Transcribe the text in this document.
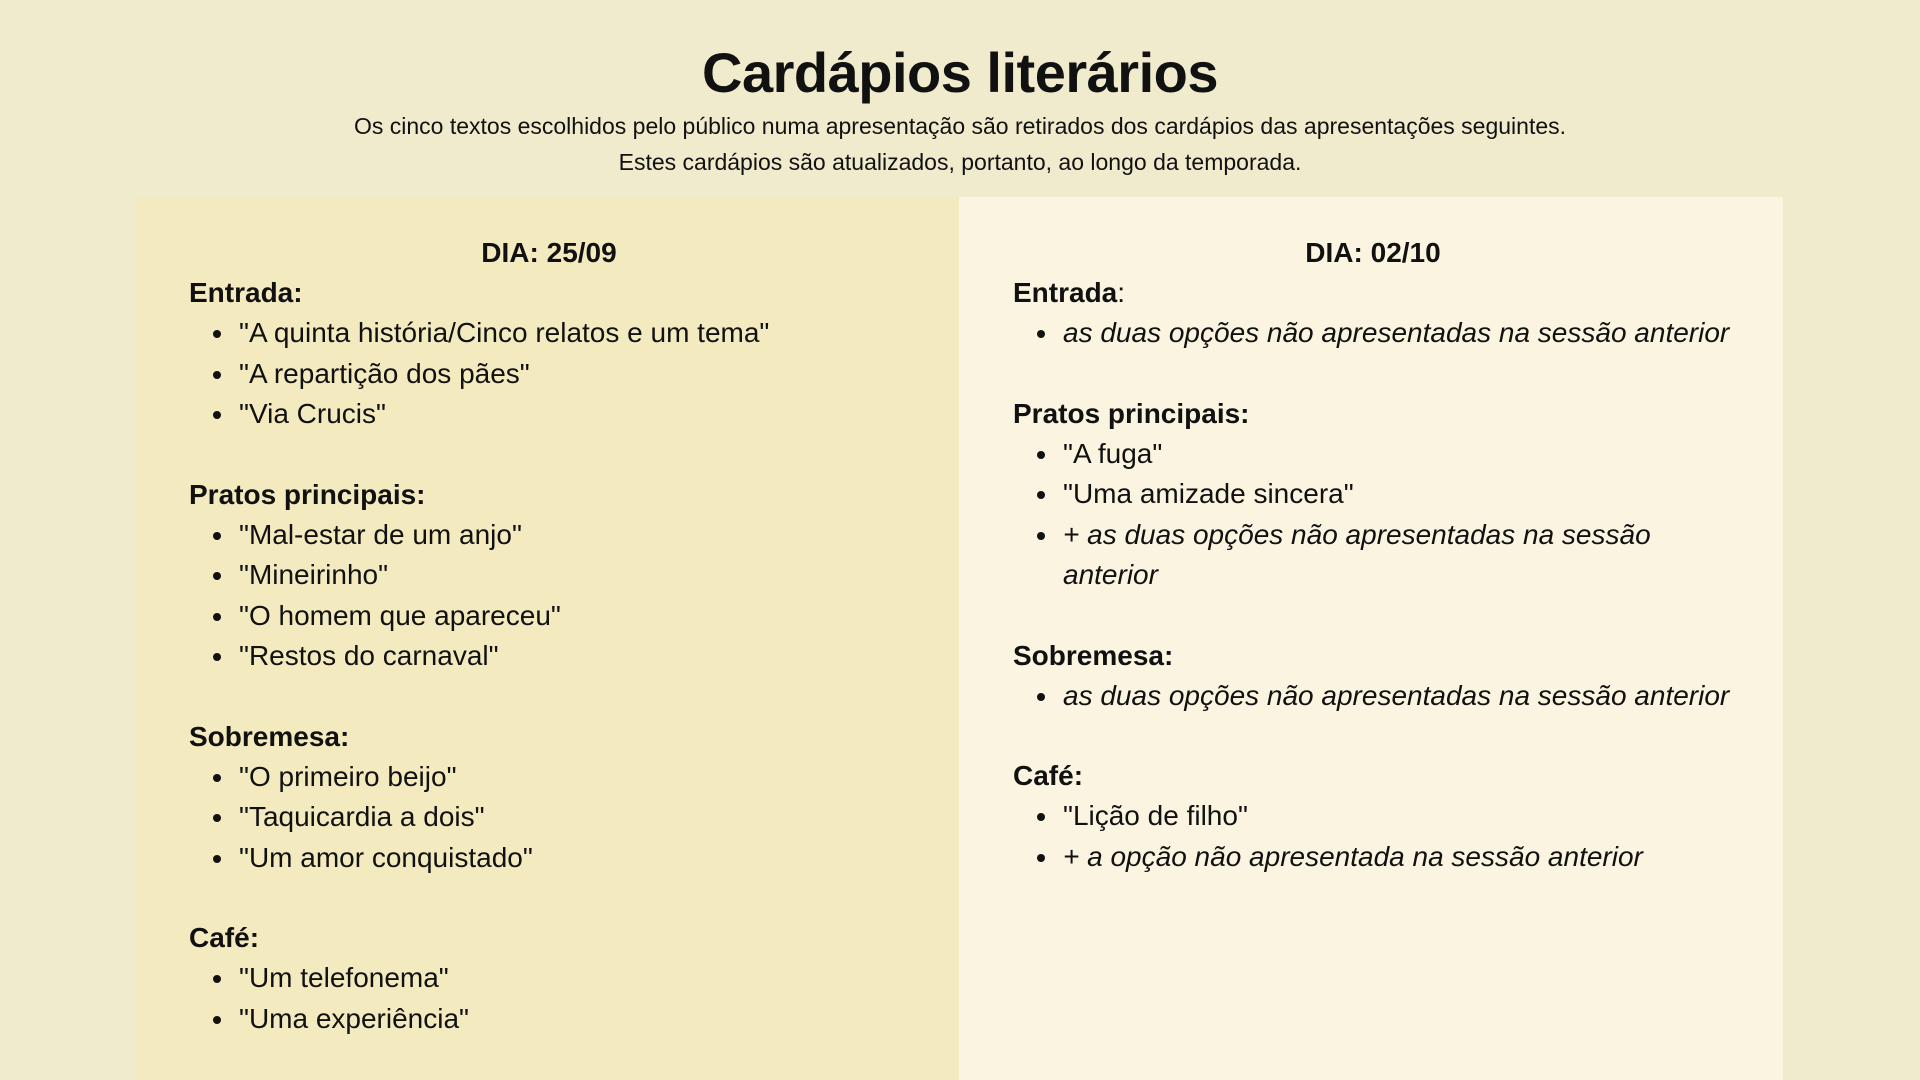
Cardápios literários
Os cinco textos escolhidos pelo público numa apresentação são retirados dos cardápios das apresentações seguintes.
Estes cardápios são atualizados, portanto, ao longo da temporada.
DIA: 25/09
Entrada:
"A quinta história/Cinco relatos e um tema"
"A repartição dos pães"
"Via Crucis"
Pratos principais:
"Mal-estar de um anjo"
"Mineirinho"
"O homem que apareceu"
"Restos do carnaval"
Sobremesa:
"O primeiro beijo"
"Taquicardia a dois"
"Um amor conquistado"
Café:
"Um telefonema"
"Uma experiência"
DIA: 02/10
Entrada:
as duas opções não apresentadas na sessão anterior
Pratos principais:
"A fuga"
"Uma amizade sincera"
+ as duas opções não apresentadas na sessão anterior
Sobremesa:
as duas opções não apresentadas na sessão anterior
Café:
"Lição de filho"
+ a opção não apresentada na sessão anterior
